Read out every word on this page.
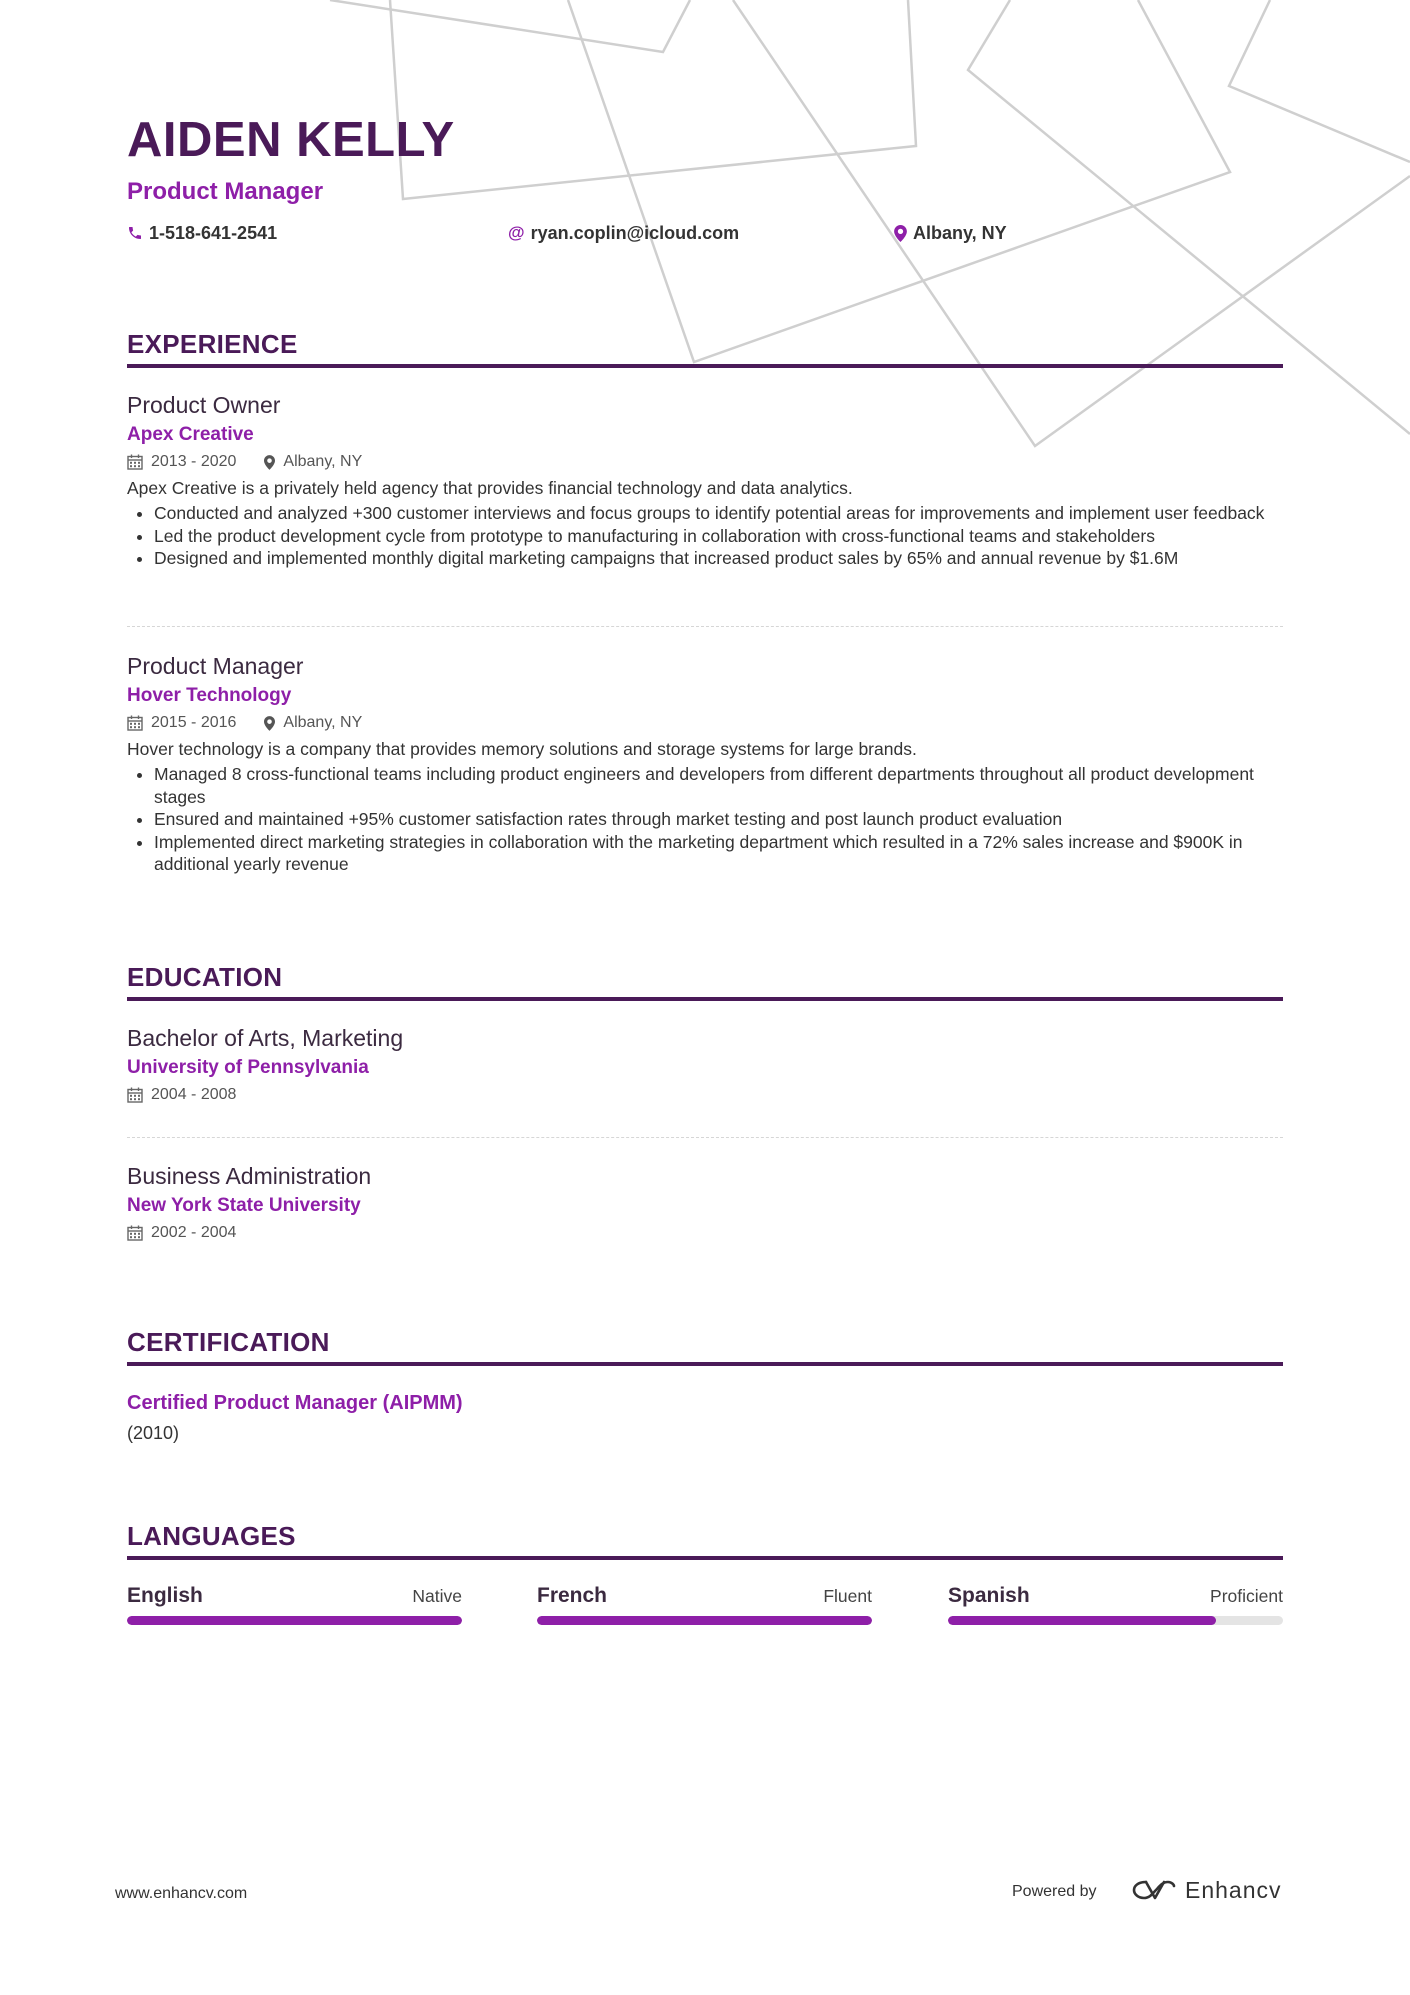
AIDEN KELLY
Product Manager
1-518-641-2541	@ ryan.coplin@icloud.com	Albany, NY
EXPERIENCE
Product Owner
Apex Creative
2013 - 2020	Albany, NY
Apex Creative is a privately held agency that provides financial technology and data analytics.
• Conducted and analyzed +300 customer interviews and focus groups to identify potential areas for improvements and implement user feedback
• Led the product development cycle from prototype to manufacturing in collaboration with cross-functional teams and stakeholders
• Designed and implemented monthly digital marketing campaigns that increased product sales by 65% and annual revenue by $1.6M
Product Manager
Hover Technology
2015 - 2016	Albany, NY
Hover technology is a company that provides memory solutions and storage systems for large brands.
• Managed 8 cross-functional teams including product engineers and developers from different departments throughout all product development stages
• Ensured and maintained +95% customer satisfaction rates through market testing and post launch product evaluation
• Implemented direct marketing strategies in collaboration with the marketing department which resulted in a 72% sales increase and $900K in additional yearly revenue
EDUCATION
Bachelor of Arts, Marketing
University of Pennsylvania
2004 - 2008
Business Administration
New York State University
2002 - 2004
CERTIFICATION
Certified Product Manager (AIPMM)
(2010)
LANGUAGES
English	Native	French	Fluent	Spanish	Proficient
www.enhancv.com	Powered by	Enhancv
